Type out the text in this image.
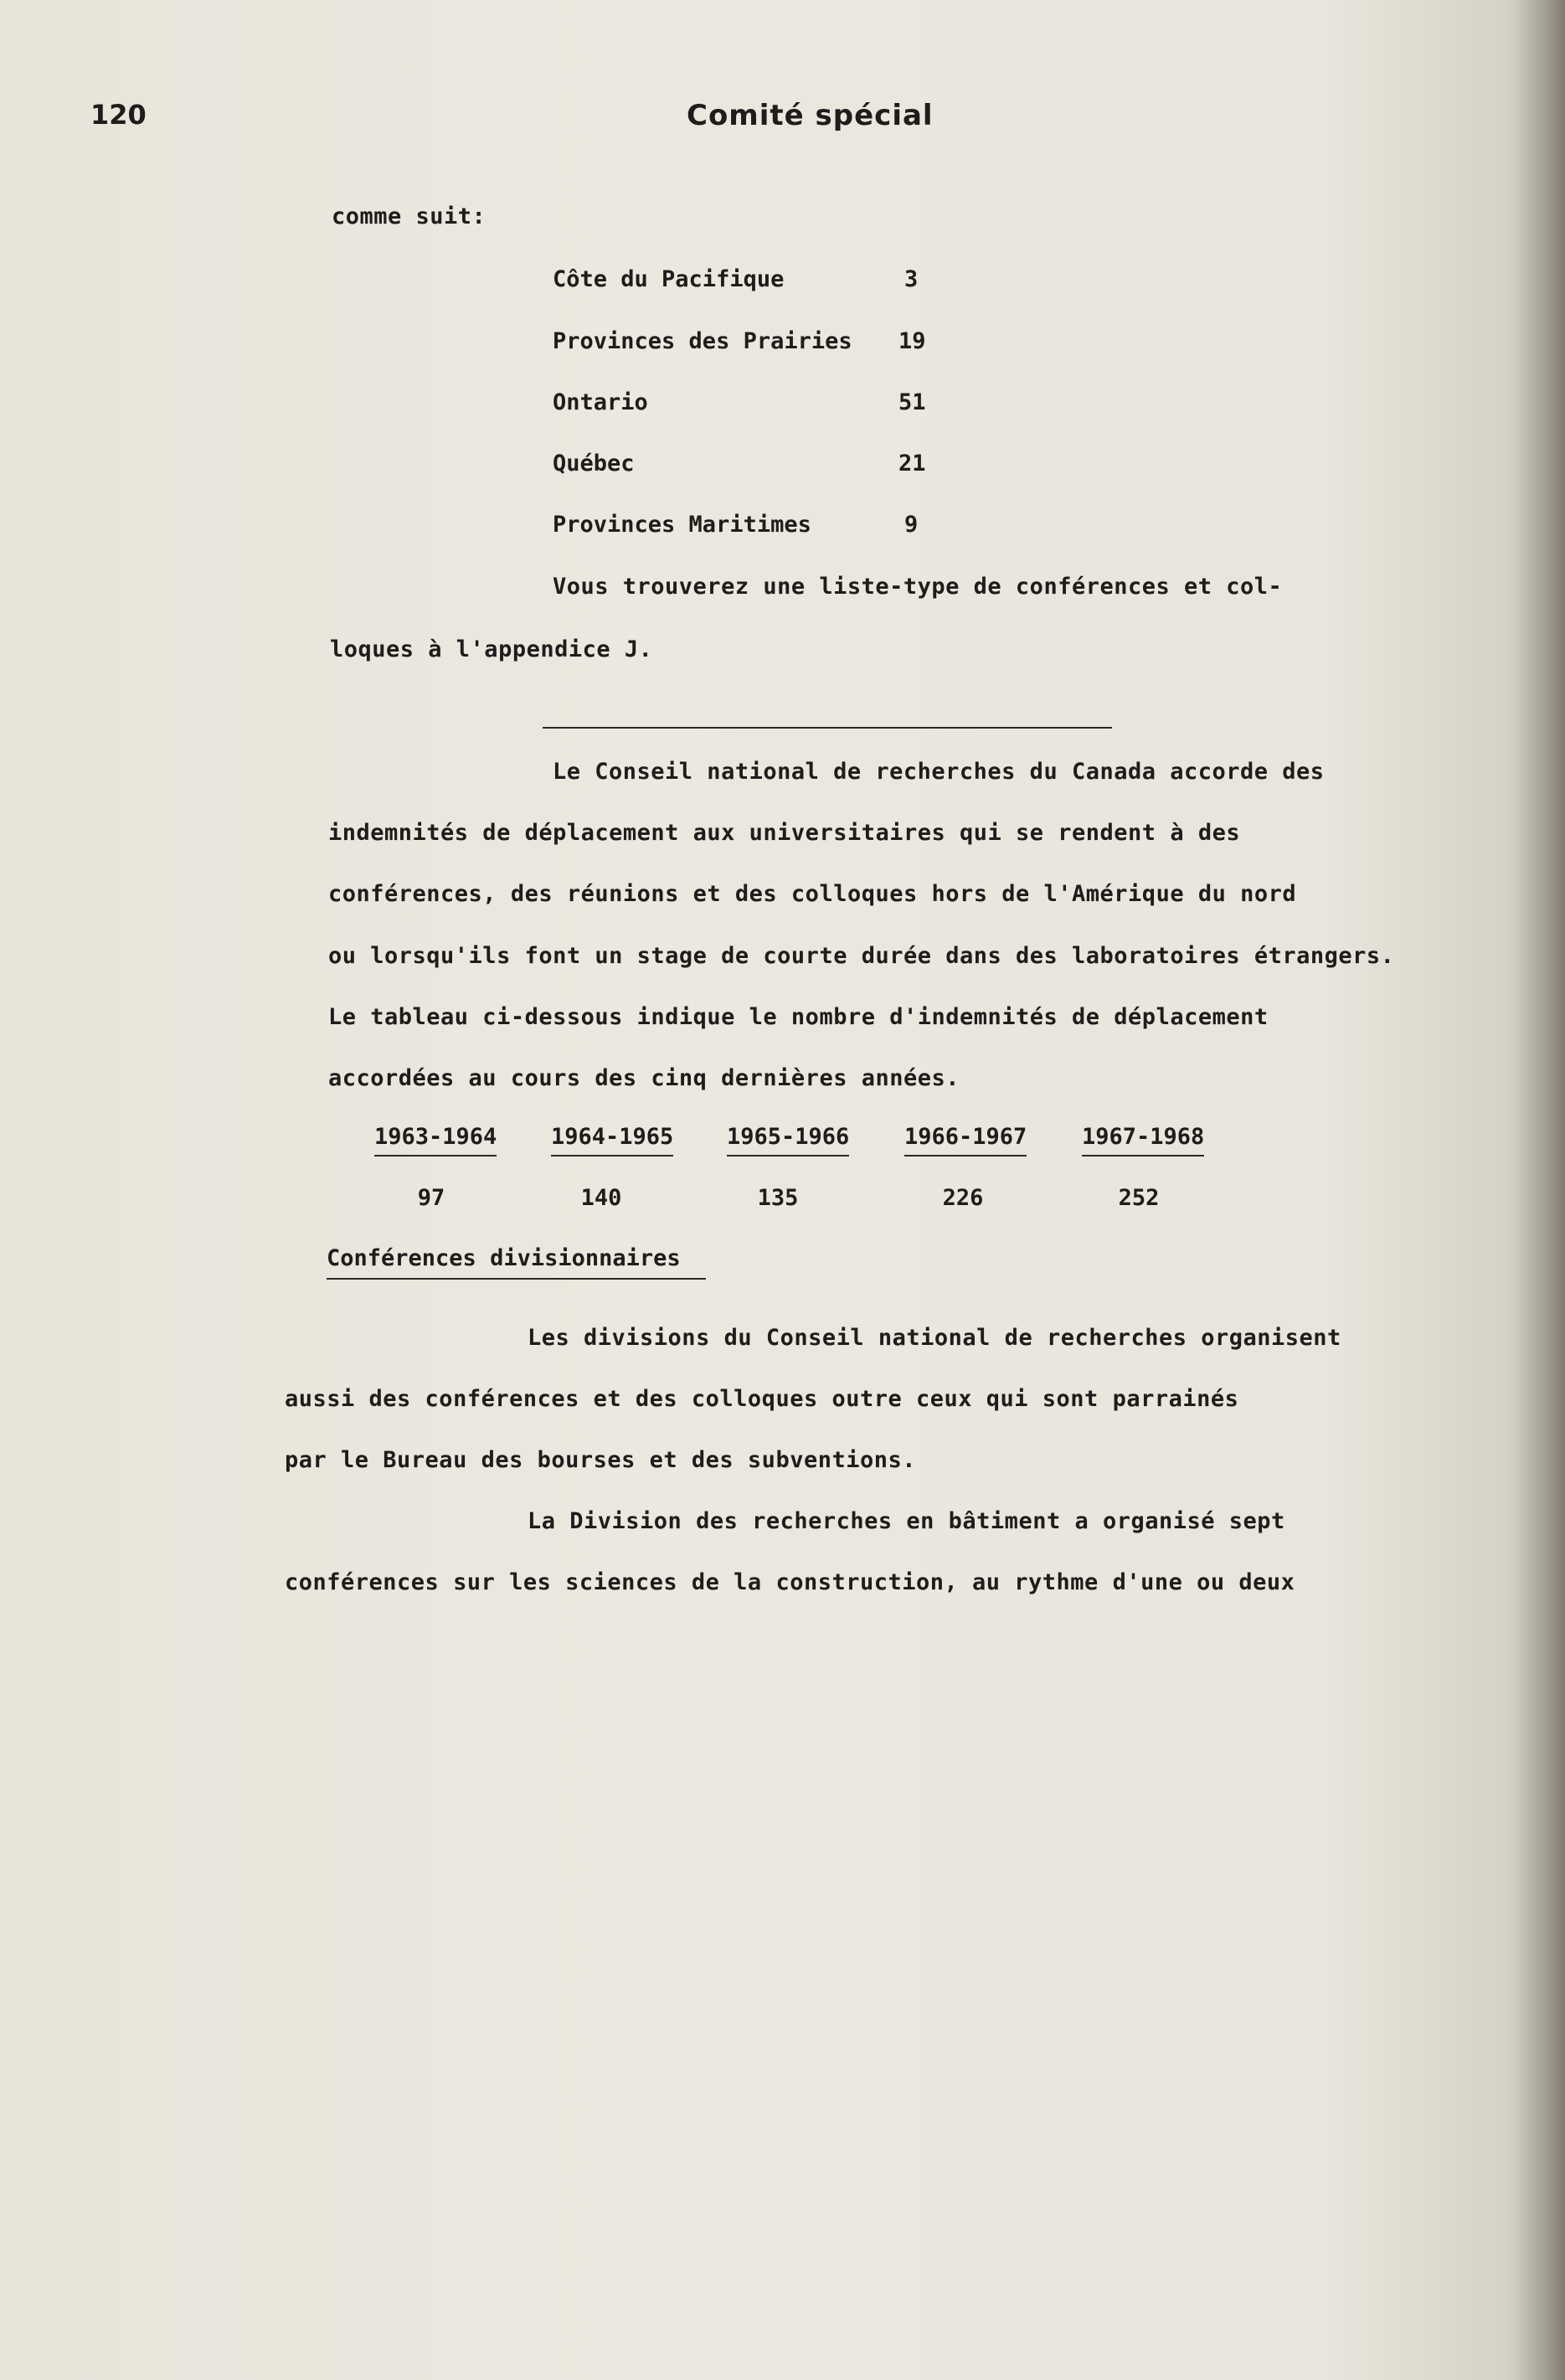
120	Comité spécial
comme suit:
Côte du Pacifique	3
Provinces des Prairies 19
Ontario	51
Québec	21
Provinces Maritimes	9
Vous trouverez une liste-type de conférences et col-
loques à l'appendice J.
Le Conseil national de recherches du Canada accorde des
indemnités de déplacement aux universitaires qui se rendent à des
conférences, des réunions et des colloques hors de l'Amérique du nord
ou lorsqu'ils font un stage de courte durée dans des laboratoires étrangers.
Le tableau ci-dessous indique le nombre d'indemnités de déplacement
accordées au cours des cinq dernières années.
1963-1964 1964-1965 1965-1966 1966-1967 1967-1968
97	140	135	226	252
Conférences divisionnaires
Les divisions du Conseil national de recherches organisent
aussi des conférences et des colloques outre ceux qui sont parrainés
par le Bureau des bourses et des subventions.
La Division des recherches en bâtiment a organisé sept
conférences sur les sciences de la construction, au rythme d'une ou deux
